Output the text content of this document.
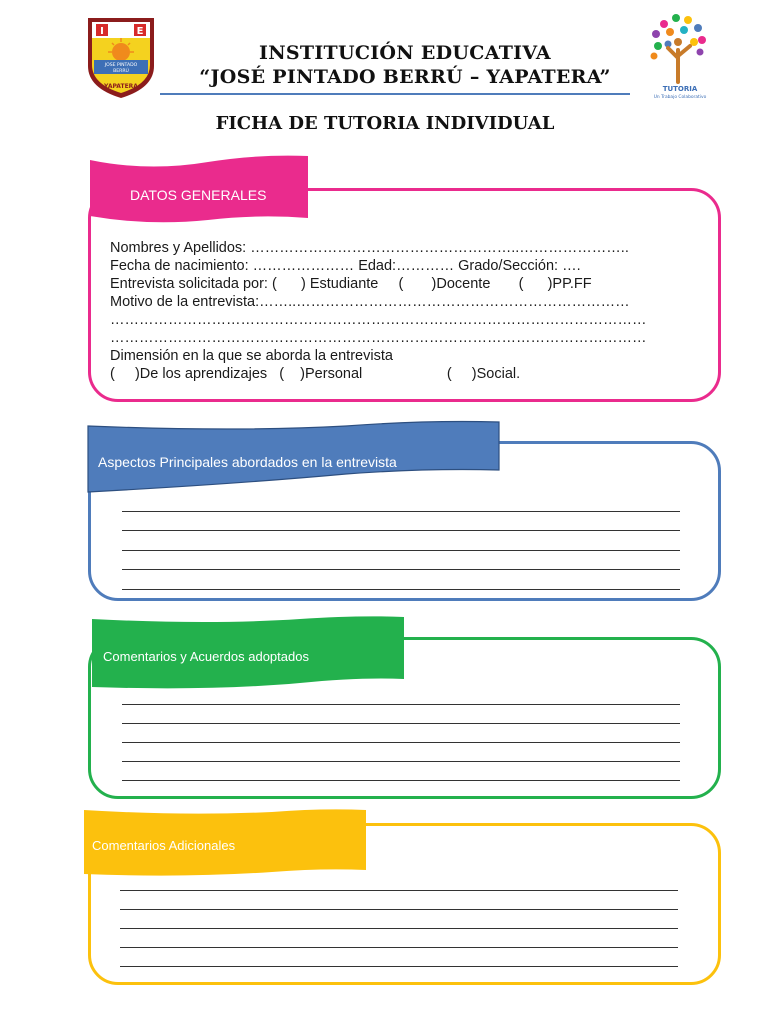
I	E
JOSE PINTADO
BERRÚ
YAPATERA
INSTITUCIÓN EDUCATIVA
“JOSÉ PINTADO BERRÚ – YAPATERA”
TUTORIA
Un Trabajo Colaborativo
FICHA DE TUTORIA INDIVIDUAL
DATOS GENERALES
Nombres y Apellidos: ………………………………………………..…………………..
Fecha de nacimiento: ………………… Edad:………… Grado/Sección: ….
Entrevista solicitada por: (      ) Estudiante     (       )Docente       (      )PP.FF
Motivo de la entrevista:……..……………………………………………………………
…………………………………………………………………………………………………
…………………………………………………………………………………………………
Dimensión en la que se aborda la entrevista
(     )De los aprendizajes   (    )Personal                     (     )Social.
Aspectos Principales abordados en la entrevista
Comentarios y Acuerdos adoptados
Comentarios Adicionales
